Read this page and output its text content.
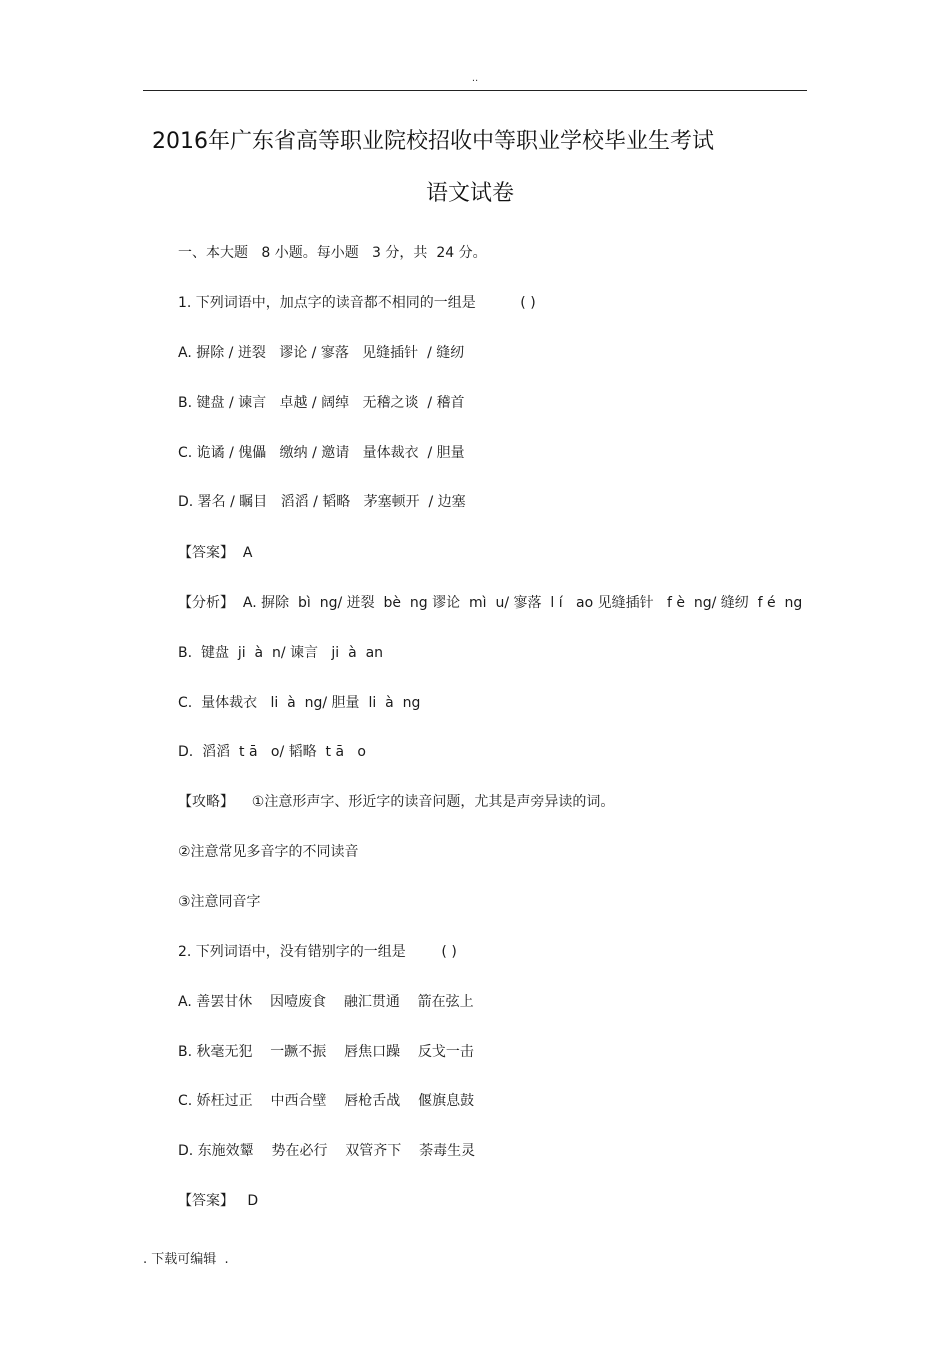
..
2016年广东省高等职业院校招收中等职业学校毕业生考试
语文试卷
一、本大题   8 小题。每小题   3 分，共  24 分。
1. 下列词语中，加点字的读音都不相同的一组是          ( )
A. 摒除 / 迸裂   谬论 / 寥落   见缝插针  / 缝纫
B. 键盘 / 谏言   卓越 / 阔绰   无稽之谈  / 稽首
C. 诡谲 / 傀儡   缴纳 / 邀请   量体裁衣  / 胆量
D. 署名 / 瞩目   滔滔 / 韬略   茅塞顿开  / 边塞
【答案】  A
【分析】  A. 摒除  bì  ng/ 迸裂  bè  ng 谬论  mì  u/ 寥落  l í   ao 见缝插针   f è  ng/ 缝纫  f é  ng
B.  键盘  ji  à  n/ 谏言   ji  à  an
C.  量体裁衣   li  à  ng/ 胆量  li  à  ng
D.  滔滔  t ā   o/ 韬略  t ā   o
【攻略】    ①注意形声字、形近字的读音问题，尤其是声旁异读的词。
②注意常见多音字的不同读音
③注意同音字
2. 下列词语中，没有错别字的一组是        ( )
A. 善罢甘休    因噎废食    融汇贯通    箭在弦上
B. 秋毫无犯    一蹶不振    唇焦口躁    反戈一击
C. 娇枉过正    中西合壁    唇枪舌战    偃旗息鼓
D. 东施效颦    势在必行    双管齐下    荼毒生灵
【答案】   D
. 下载可编辑  .
